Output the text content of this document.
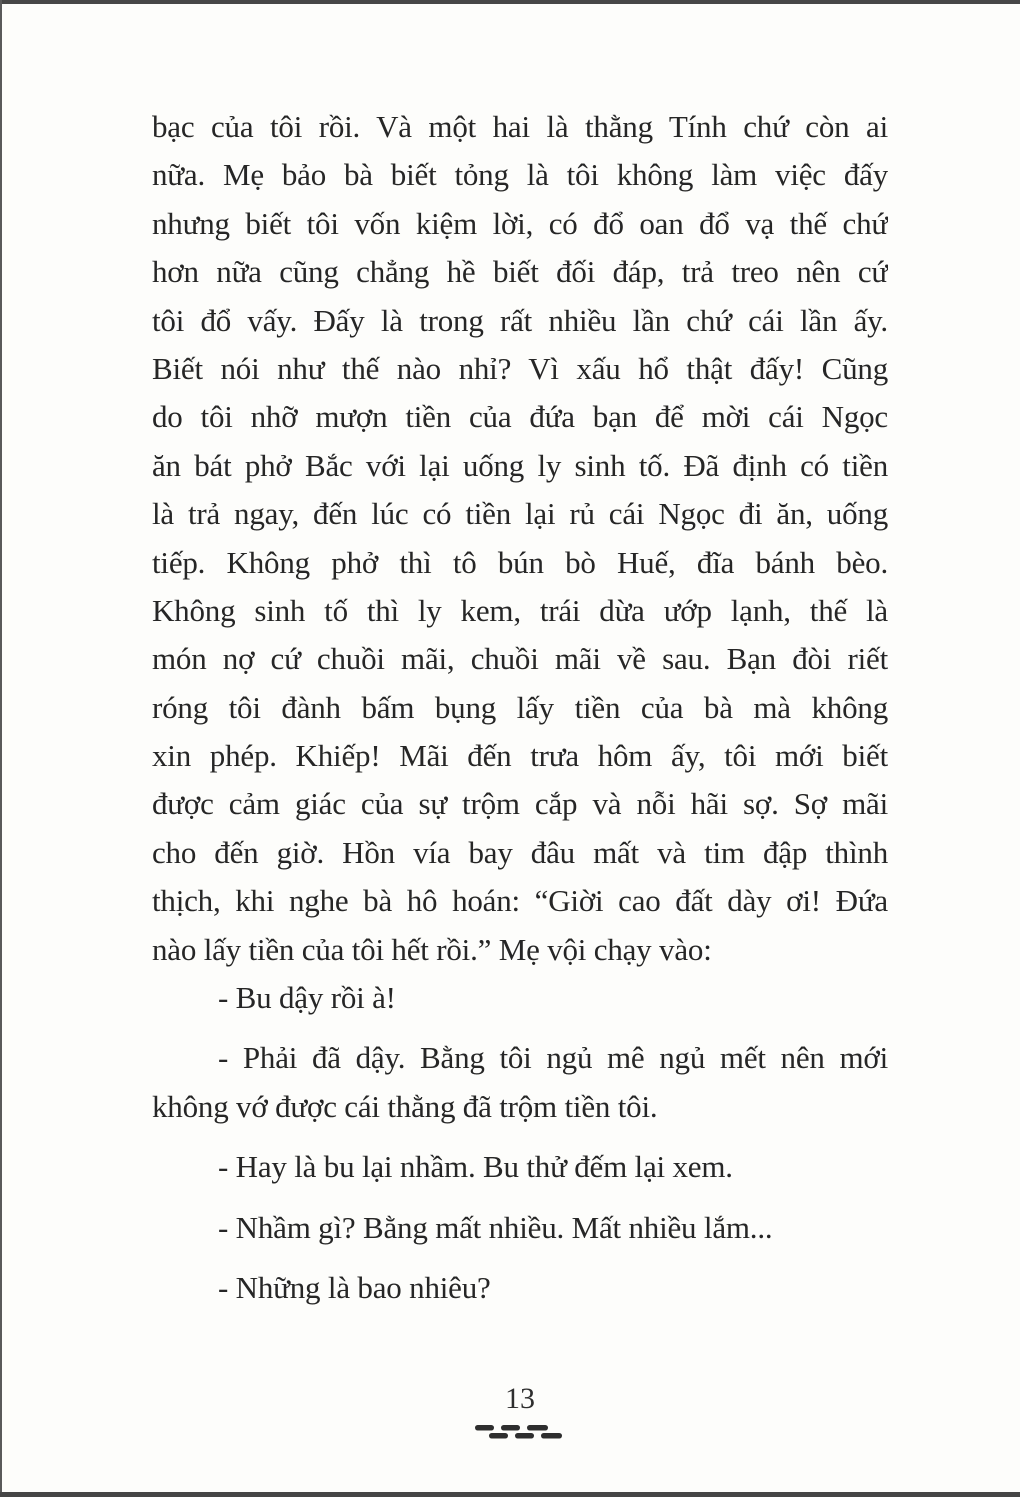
bạc của tôi rồi. Và một hai là thằng Tính chứ còn ai
nữa. Mẹ bảo bà biết tỏng là tôi không làm việc đấy
nhưng biết tôi vốn kiệm lời, có đổ oan đổ vạ thế chứ
hơn nữa cũng chẳng hề biết đối đáp, trả treo nên cứ
tôi đổ vấy. Đấy là trong rất nhiều lần chứ cái lần ấy.
Biết nói như thế nào nhỉ? Vì xấu hổ thật đấy! Cũng
do tôi nhỡ mượn tiền của đứa bạn để mời cái Ngọc
ăn bát phở Bắc với lại uống ly sinh tố. Đã định có tiền
là trả ngay, đến lúc có tiền lại rủ cái Ngọc đi ăn, uống
tiếp. Không phở thì tô bún bò Huế, đĩa bánh bèo.
Không sinh tố thì ly kem, trái dừa ướp lạnh, thế là
món nợ cứ chuồi mãi, chuồi mãi về sau. Bạn đòi riết
róng tôi đành bấm bụng lấy tiền của bà mà không
xin phép. Khiếp! Mãi đến trưa hôm ấy, tôi mới biết
được cảm giác của sự trộm cắp và nỗi hãi sợ. Sợ mãi
cho đến giờ. Hồn vía bay đâu mất và tim đập thình
thịch, khi nghe bà hô hoán: “Giời cao đất dày ơi! Đứa
nào lấy tiền của tôi hết rồi.” Mẹ vội chạy vào:
- Bu dậy rồi à!
- Phải đã dậy. Bằng tôi ngủ mê ngủ mết nên mới
không vớ được cái thằng đã trộm tiền tôi.
- Hay là bu lại nhầm. Bu thử đếm lại xem.
- Nhầm gì? Bằng mất nhiều. Mất nhiều lắm...
- Những là bao nhiêu?
13
